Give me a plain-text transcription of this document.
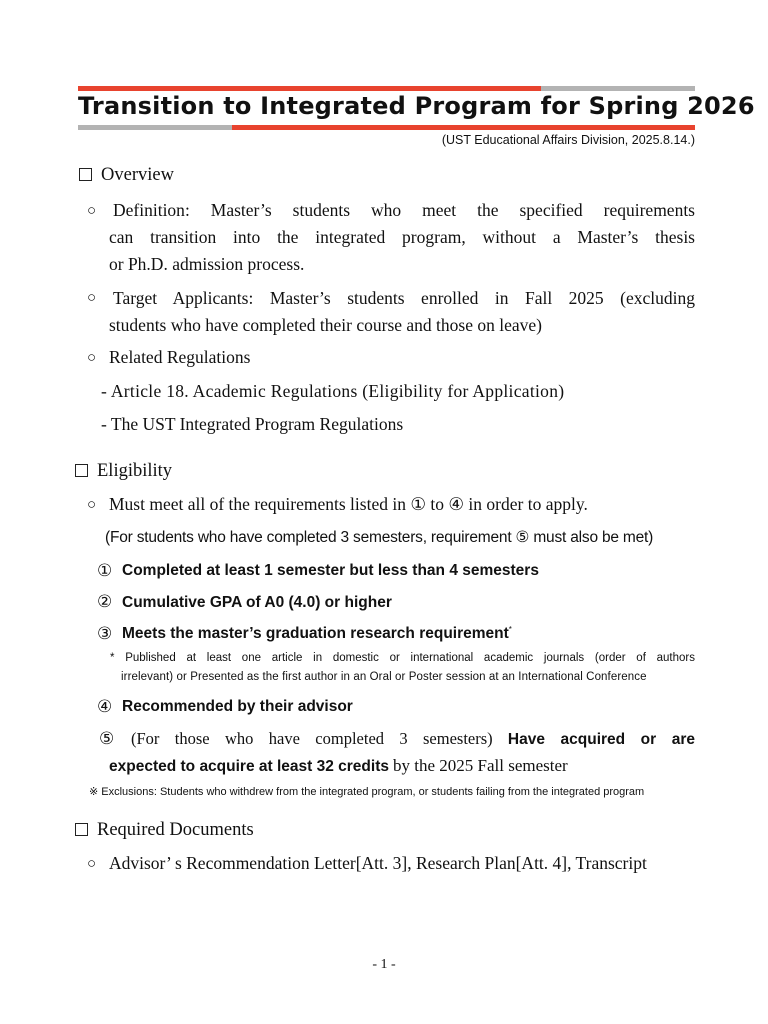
Transition to Integrated Program for Spring 2026
(UST Educational Affairs Division, 2025.8.14.)
Overview
○ Definition: Master’s students who meet the specified requirements
can transition into the integrated program, without a Master’s thesis
or Ph.D. admission process.
○ Target Applicants: Master’s students enrolled in Fall 2025 (excluding
students who have completed their course and those on leave)
○ Related Regulations
- Article 18. Academic Regulations (Eligibility for Application)
- The UST Integrated Program Regulations
Eligibility
○ Must meet all of the requirements listed in ① to ④ in order to apply.
(For students who have completed 3 semesters, requirement ⑤ must also be met)
① Completed at least 1 semester but less than 4 semesters
② Cumulative GPA of A0 (4.0) or higher
③ Meets the master’s graduation research requirement*
* Published at least one article in domestic or international academic journals (order of authors
irrelevant) or Presented as the first author in an Oral or Poster session at an International Conference
④ Recommended by their advisor
⑤ (For those who have completed 3 semesters) Have acquired or are
expected to acquire at least 32 credits by the 2025 Fall semester
※ Exclusions: Students who withdrew from the integrated program, or students failing from the integrated program
Required Documents
○ Advisor’ s Recommendation Letter[Att. 3], Research Plan[Att. 4], Transcript
- 1 -
